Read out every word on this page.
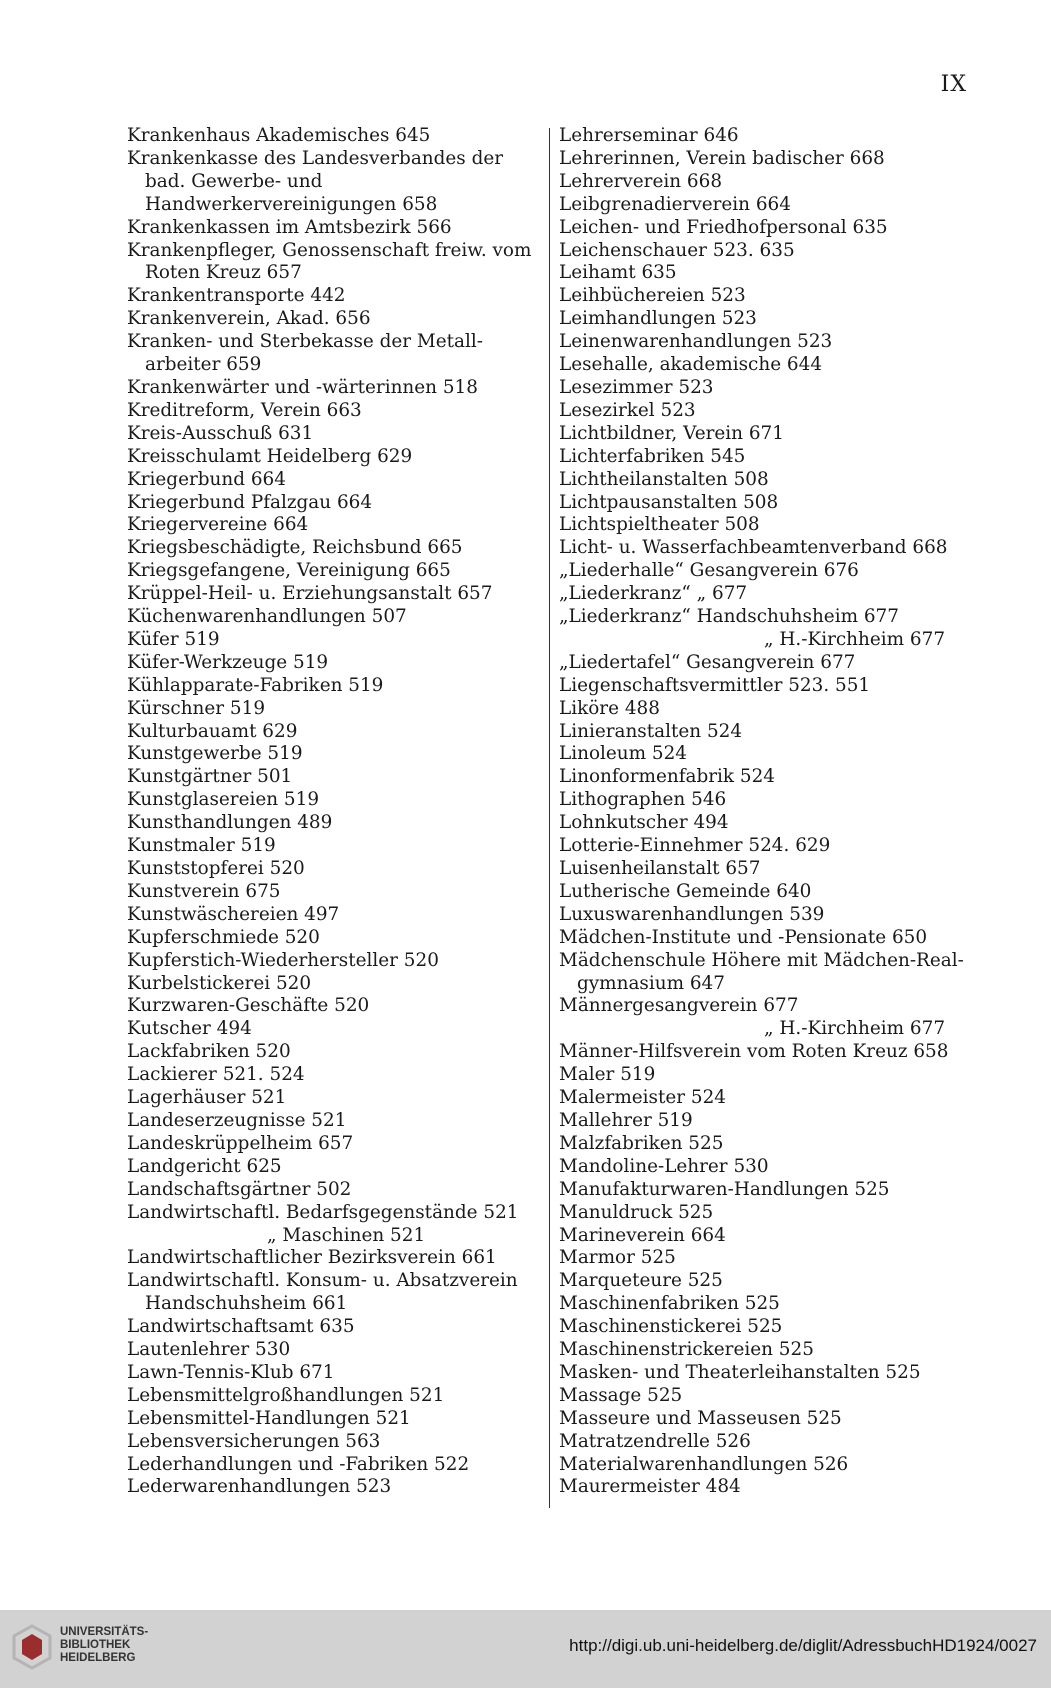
IX
Krankenhaus Akademisches 645
Krankenkasse des Landesverbandes der bad. Gewerbe- und Handwerkervereinigungen 658
Krankenkassen im Amtsbezirk 566
Krankenpfleger, Genossenschaft freiw. vom Roten Kreuz 657
Krankentransporte 442
Krankenverein, Akad. 656
Kranken- und Sterbekasse der Metall-arbeiter 659
Krankenwärter und -wärterinnen 518
Kreditreform, Verein 663
Kreis-Ausschuß 631
Kreisschulamt Heidelberg 629
Kriegerbund 664
Kriegerbund Pfalzgau 664
Kriegervereine 664
Kriegsbeschädigte, Reichsbund 665
Kriegsgefangene, Vereinigung 665
Krüppel-Heil- u. Erziehungsanstalt 657
Küchenwarenhandlungen 507
Küfer 519
Küfer-Werkzeuge 519
Kühlapparate-Fabriken 519
Kürschner 519
Kulturbauamt 629
Kunstgewerbe 519
Kunstgärtner 501
Kunstglasereien 519
Kunsthandlungen 489
Kunstmaler 519
Kunststopferei 520
Kunstverein 675
Kunstwäschereien 497
Kupferschmiede 520
Kupferstich-Wiederhersteller 520
Kurbelstickerei 520
Kurzwaren-Geschäfte 520
Kutscher 494
Lackfabriken 520
Lackierer 521. 524
Lagerhäuser 521
Landeserzeugnisse 521
Landeskrüppelheim 657
Landgericht 625
Landschaftsgärtner 502
Landwirtschaftl. Bedarfsgegenstände 521
„ Maschinen 521
Landwirtschaftlicher Bezirksverein 661
Landwirtschaftl. Konsum- u. Absatzverein Handschuhsheim 661
Landwirtschaftsamt 635
Lautenlehrer 530
Lawn-Tennis-Klub 671
Lebensmittelgroßhandlungen 521
Lebensmittel-Handlungen 521
Lebensversicherungen 563
Lederhandlungen und -Fabriken 522
Lederwarenhandlungen 523
Lehrerseminar 646
Lehrerinnen, Verein badischer 668
Lehrerverein 668
Leibgrenadierverein 664
Leichen- und Friedhofpersonal 635
Leichenschauer 523. 635
Leihamt 635
Leihbüchereien 523
Leimhandlungen 523
Leinenwarenhandlungen 523
Lesehalle, akademische 644
Lesezimmer 523
Lesezirkel 523
Lichtbildner, Verein 671
Lichterfabriken 545
Lichtheilanstalten 508
Lichtpausanstalten 508
Lichtspieltheater 508
Licht- u. Wasserfachbeamtenverband 668
„Liederhalle“ Gesangverein 676
„Liederkranz“ „ 677
„Liederkranz“ Handschuhsheim 677
„ H.-Kirchheim 677
„Liedertafel“ Gesangverein 677
Liegenschaftsvermittler 523. 551
Liköre 488
Linieranstalten 524
Linoleum 524
Linonformenfabrik 524
Lithographen 546
Lohnkutscher 494
Lotterie-Einnehmer 524. 629
Luisenheilanstalt 657
Lutherische Gemeinde 640
Luxuswarenhandlungen 539
Mädchen-Institute und -Pensionate 650
Mädchenschule Höhere mit Mädchen-Real-gymnasium 647
Männergesangverein 677
„ H.-Kirchheim 677
Männer-Hilfsverein vom Roten Kreuz 658
Maler 519
Malermeister 524
Mallehrer 519
Malzfabriken 525
Mandoline-Lehrer 530
Manufakturwaren-Handlungen 525
Manuldruck 525
Marineverein 664
Marmor 525
Marqueteure 525
Maschinenfabriken 525
Maschinenstickerei 525
Maschinenstrickereien 525
Masken- und Theaterleihanstalten 525
Massage 525
Masseure und Masseusen 525
Matratzendrelle 526
Materialwarenhandlungen 526
Maurermeister 484
UNIVERSITÄTS-
BIBLIOTHEK
HEIDELBERG
http://digi.ub.uni-heidelberg.de/diglit/AdressbuchHD1924/0027
